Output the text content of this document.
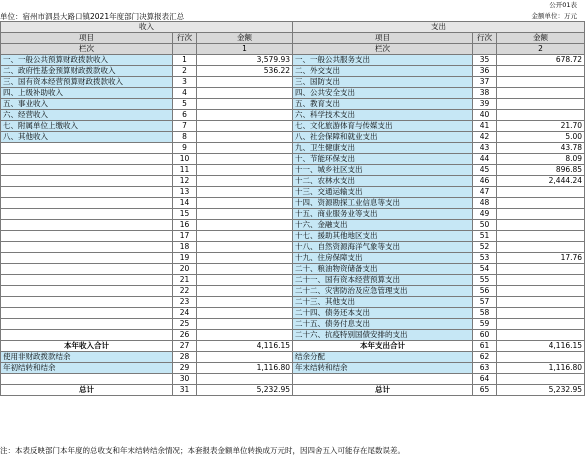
公开01表
单位：宿州市泗县大路口镇2021年度部门决算报表汇总	金额单位：万元
收入			支出		
项目	行次	金额	项目	行次	金额
栏次		1	栏次		2
一、一般公共预算财政拨款收入	1	3,579.93	一、一般公共服务支出	35	678.72
二、政府性基金预算财政拨款收入	2	536.22	二、外交支出	36	
三、国有资本经营预算财政拨款收入	3		三、国防支出	37	
四、上级补助收入	4		四、公共安全支出	38	
五、事业收入	5		五、教育支出	39	
六、经营收入	6		六、科学技术支出	40	
七、附属单位上缴收入	7		七、文化旅游体育与传媒支出	41	21.70
八、其他收入	8		八、社会保障和就业支出	42	5.00
	9		九、卫生健康支出	43	43.78
	10		十、节能环保支出	44	8.09
	11		十一、城乡社区支出	45	896.85
	12		十二、农林水支出	46	2,444.24
	13		十三、交通运输支出	47	
	14		十四、资源勘探工业信息等支出	48	
	15		十五、商业服务业等支出	49	
	16		十六、金融支出	50	
	17		十七、援助其他地区支出	51	
	18		十八、自然资源海洋气象等支出	52	
	19		十九、住房保障支出	53	17.76
	20		二十、粮油物资储备支出	54	
	21		二十一、国有资本经营预算支出	55	
	22		二十二、灾害防治及应急管理支出	56	
	23		二十三、其他支出	57	
	24		二十四、债务还本支出	58	
	25		二十五、债务付息支出	59	
	26		二十六、抗疫特别国债安排的支出	60	
本年收入合计	27	4,116.15	本年支出合计	61	4,116.15
使用非财政拨款结余	28		结余分配	62	
年初结转和结余	29	1,116.80	年末结转和结余	63	1,116.80
	30			64	
总计	31	5,232.95	总计	65	5,232.95
注：本表反映部门本年度的总收支和年末结转结余情况；本套报表金额单位转换成万元时，因四舍五入可能存在尾数误差。
